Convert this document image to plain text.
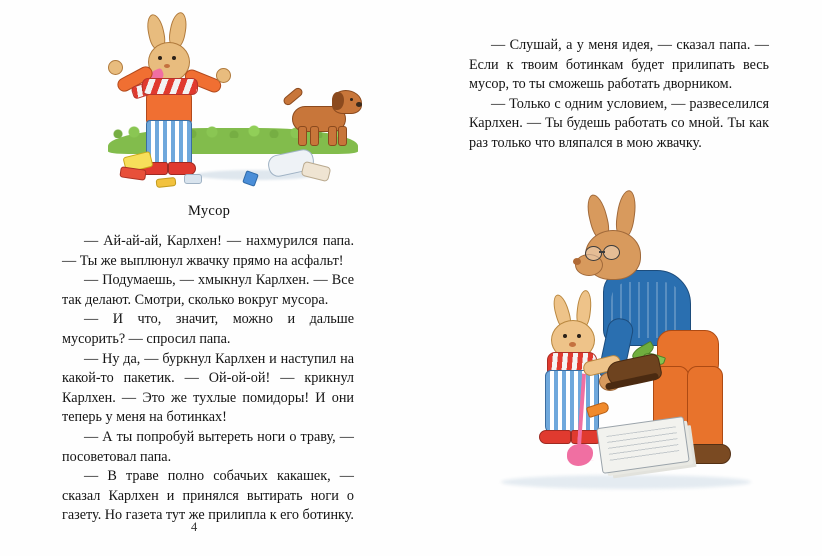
Мусор

— Ай-ай-ай, Карлхен! — нахмурился папа. — Ты же выплюнул жвачку прямо на асфальт!

— Подумаешь, — хмыкнул Карлхен. — Все так делают. Смотри, сколько вокруг мусора.

— И что, значит, можно и дальше мусорить? — спросил папа.

— Ну да, — буркнул Карлхен и наступил на какой-то пакетик. — Ой-ой-ой! — крикнул Карлхен. — Это же тухлые помидоры! И они теперь у меня на ботинках!

— А ты попробуй вытереть ноги о траву, — посоветовал папа.

— В траве полно собачьих какашек, — сказал Карлхен и принялся вытирать ноги о газету. Но газета тут же прилипла к его ботинку.

4

— Слушай, а у меня идея, — сказал папа. — Если к твоим ботинкам будет прилипать весь мусор, то ты сможешь работать дворником.

— Только с одним условием, — развеселился Карлхен. — Ты будешь работать со мной. Ты как раз только что вляпался в мою жвачку.
